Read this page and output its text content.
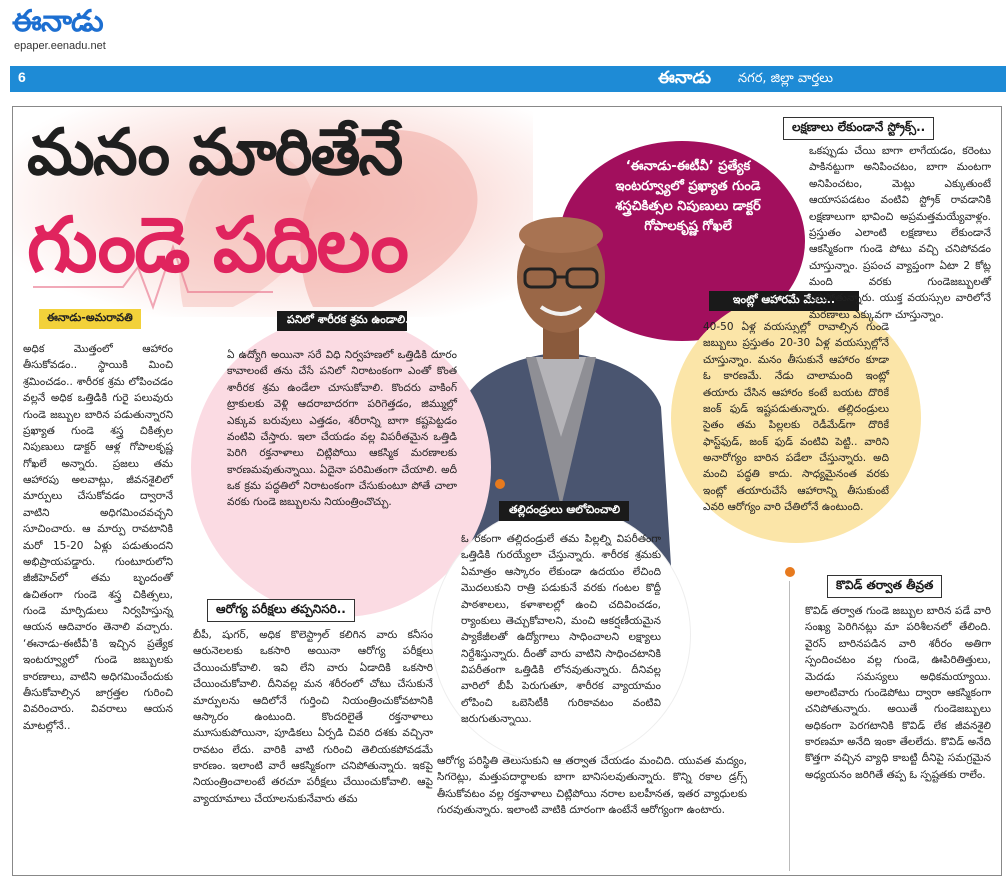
ఈనాడు
epaper.eenadu.net
6	ఈనాడు నగర, జిల్లా వార్తలు
మనం మారితేనే
గుండె పదిలం
ఈనాడు-అమరావతి
అధిక మొత్తంలో ఆహారం తీసుకోవడం.. స్థాయికి మించి శ్రమించడం.. శారీరక శ్రమ లోపించడం వల్లనే అధిక ఒత్తిడికి గురై పలువురు గుండె జబ్బుల బారిన పడుతున్నారని ప్రఖ్యాత గుండె శస్త్ర చికిత్సల నిపుణులు డాక్టర్ ఆళ్ల గోపాలకృష్ణ గోఖలే అన్నారు. ప్రజలు తమ ఆహారపు అలవాట్లు, జీవనశైలిలో మార్పులు చేసుకోవడం ద్వారానే వాటిని అధిగమించవచ్చని సూచించారు. ఆ మార్పు రావటానికి మరో 15-20 ఏళ్లు పడుతుందని అభిప్రాయపడ్డారు. గుంటూరులోని జీజీహెచ్‌లో తమ బృందంతో ఉచితంగా గుండె శస్త్ర చికిత్సలు, గుండె మార్పిడులు నిర్వహిస్తున్న ఆయన ఆదివారం తెనాలి వచ్చారు. ‘ఈనాడు-ఈటీవీ’కి ఇచ్చిన ప్రత్యేక ఇంటర్వ్యూలో గుండె జబ్బులకు కారణాలు, వాటిని అధిగమించేందుకు తీసుకోవాల్సిన జాగ్రత్తల గురించి వివరించారు. వివరాలు ఆయన మాటల్లోనే..
‘ఈనాడు-ఈటీవీ’ ప్రత్యేక ఇంటర్వ్యూలో ప్రఖ్యాత గుండె శస్త్రచికిత్సల నిపుణులు డాక్టర్ గోపాలకృష్ణ గోఖలే
పనిలో శారీరక శ్రమ ఉండాలి..
ఏ ఉద్యోగి అయినా సరే విధి నిర్వహణలో ఒత్తిడికి దూరం కావాలంటే తను చేసే పనిలో నిరాటంకంగా ఎంతో కొంత శారీరక శ్రమ ఉండేలా చూసుకోవాలి. కొందరు వాకింగ్ ట్రాకులకు వెళ్లి ఆదరాబాదరగా పరిగెత్తడం, జిమ్ముల్లో ఎక్కువ బరువులు ఎత్తడం, శరీరాన్ని బాగా కష్టపెట్టడం వంటివి చేస్తారు. ఇలా చేయడం వల్ల విపరీతమైన ఒత్తిడి పెరిగి రక్తనాళాలు చిట్లిపోయి ఆకస్మిక మరణాలకు కారణమవుతున్నాయి. ఏదైనా పరిమితంగా చేయాలి. అదీ ఒక క్రమ పద్ధతిలో నిరాటంకంగా చేసుకుంటూ పోతే చాలా వరకు గుండె జబ్బులను నియంత్రించొచ్చు.
ఇంట్లో ఆహారమే మేలు..
40-50 ఏళ్ల వయస్సుల్లో రావాల్సిన గుండె జబ్బులు ప్రస్తుతం 20-30 ఏళ్ల వయస్సుల్లోనే చూస్తున్నాం. మనం తీసుకునే ఆహారం కూడా ఓ కారణమే. నేడు చాలామంది ఇంట్లో తయారు చేసిన ఆహారం కంటే బయట దొరికే జంక్ ఫుడ్ ఇష్టపడుతున్నారు. తల్లిదండ్రులు సైతం తమ పిల్లలకు రెడీమేడ్‌గా దొరికే ఫాస్ట్‌ఫుడ్, జంక్ ఫుడ్ వంటివి పెట్టి.. వారిని అనారోగ్యం బారిన పడేలా చేస్తున్నారు. అది మంచి పద్ధతి కాదు. సాధ్యమైనంత వరకు ఇంట్లో తయారుచేసే ఆహారాన్ని తీసుకుంటే ఎవరి ఆరోగ్యం వారి చేతిలోనే ఉంటుంది.
తల్లిదండ్రులు ఆలోచించాలి
ఓ రకంగా తల్లిదండ్రులే తమ పిల్లల్ని విపరీతంగా ఒత్తిడికి గురయ్యేలా చేస్తున్నారు. శారీరక శ్రమకు ఏమాత్రం ఆస్కారం లేకుండా ఉదయం లేచింది మొదలుకుని రాత్రి పడుకునే వరకు గంటల కొద్దీ పాఠశాలలు, కళాశాలల్లో ఉంచి చదివించడం, ర్యాంకులు తెచ్చుకోవాలని, మంచి ఆకర్షణీయమైన ప్యాకేజీలతో ఉద్యోగాలు సాధించాలని లక్ష్యాలు నిర్దేశిస్తున్నారు. దీంతో వారు వాటిని సాధించటానికి విపరీతంగా ఒత్తిడికి లోనవుతున్నారు. దీనివల్ల వారిలో బీపీ పెరుగుతూ, శారీరక వ్యాయామం లోపించి ఒబెసిటీకి గురికావటం వంటివి జరుగుతున్నాయి.
ఆరోగ్య పరీక్షలు తప్పనిసరి..
బీపీ, షుగర్, అధిక కొలెస్ట్రాల్ కలిగిన వారు కనీసం ఆరునెలలకు ఒకసారి అయినా ఆరోగ్య పరీక్షలు చేయించుకోవాలి. ఇవి లేని వారు ఏడాదికి ఒకసారి చేయించుకోవాలి. దీనివల్ల మన శరీరంలో చోటు చేసుకునే మార్పులను ఆదిలోనే గుర్తించి నియంత్రించుకోవటానికి ఆస్కారం ఉంటుంది. కొందరిలైతే రక్తనాళాలు మూసుకుపోయినా, పూడికలు ఏర్పడి చివరి దశకు వచ్చినా రావటం లేదు. వారికి వాటి గురించి తెలియకపోవడమే కారణం. ఇలాంటి వారే ఆకస్మికంగా చనిపోతున్నారు. ఇకపై నియంత్రించాలంటే తరచూ పరీక్షలు చేయించుకోవాలి. ఆపై వ్యాయామాలు చేయాలనుకునేవారు తమ
ఆరోగ్య పరిస్థితి తెలుసుకుని ఆ తర్వాత చేయడం మంచిది. యువత మద్యం, సిగరెట్లు, మత్తుపదార్థాలకు బాగా బానిసలవుతున్నారు. కొన్ని రకాల డ్రగ్స్ తీసుకోవటం వల్ల రక్తనాళాలు చిట్లిపోయి నరాల బలహీనత, ఇతర వ్యాధులకు గురవుతున్నారు. ఇలాంటి వాటికి దూరంగా ఉంటేనే ఆరోగ్యంగా ఉంటారు.
లక్షణాలు లేకుండానే స్ట్రోక్స్..
ఒకప్పుడు చేయి బాగా లాగేయడం, కరెంటు పాకినట్టుగా అనిపించటం, బాగా మంటగా అనిపించటం, మెట్లు ఎక్కుతుంటే ఆయాసపడటం వంటివి స్ట్రోక్ రావడానికి లక్షణాలుగా భావించి అప్రమత్తమయ్యేవాళ్లం. ప్రస్తుతం ఎలాంటి లక్షణాలు లేకుండానే ఆకస్మికంగా గుండె పోటు వచ్చి చనిపోవడం చూస్తున్నాం. ప్రపంచ వ్యాప్తంగా ఏటా 2 కోట్ల మంది వరకు గుండెజబ్బులతో చనిపోతున్నారు. యుక్త వయస్సుల వారిలోనే మరణాలు ఎక్కువగా చూస్తున్నాం.
కొవిడ్ తర్వాత తీవ్రత
కొవిడ్ తర్వాత గుండె జబ్బుల బారిన పడే వారి సంఖ్య పెరిగినట్లు మా పరిశీలనలో తేలింది. వైరస్ బారినపడిన వారి శరీరం అతిగా స్పందించటం వల్ల గుండె, ఊపిరితిత్తులు, మెదడు సమస్యలు అధికమయ్యాయి. అలాంటివారు గుండెపోటు ద్వారా ఆకస్మికంగా చనిపోతున్నారు. అయితే గుండెజబ్బులు అధికంగా పెరగటానికి కొవిడ్ లేక జీవనశైలి కారణమా అనేది ఇంకా తేలలేదు. కొవిడ్ అనేది కొత్తగా వచ్చిన వ్యాధి కాబట్టి దీనిపై సమగ్రమైన అధ్యయనం జరిగితే తప్ప ఓ స్పష్టతకు రాలేం.
